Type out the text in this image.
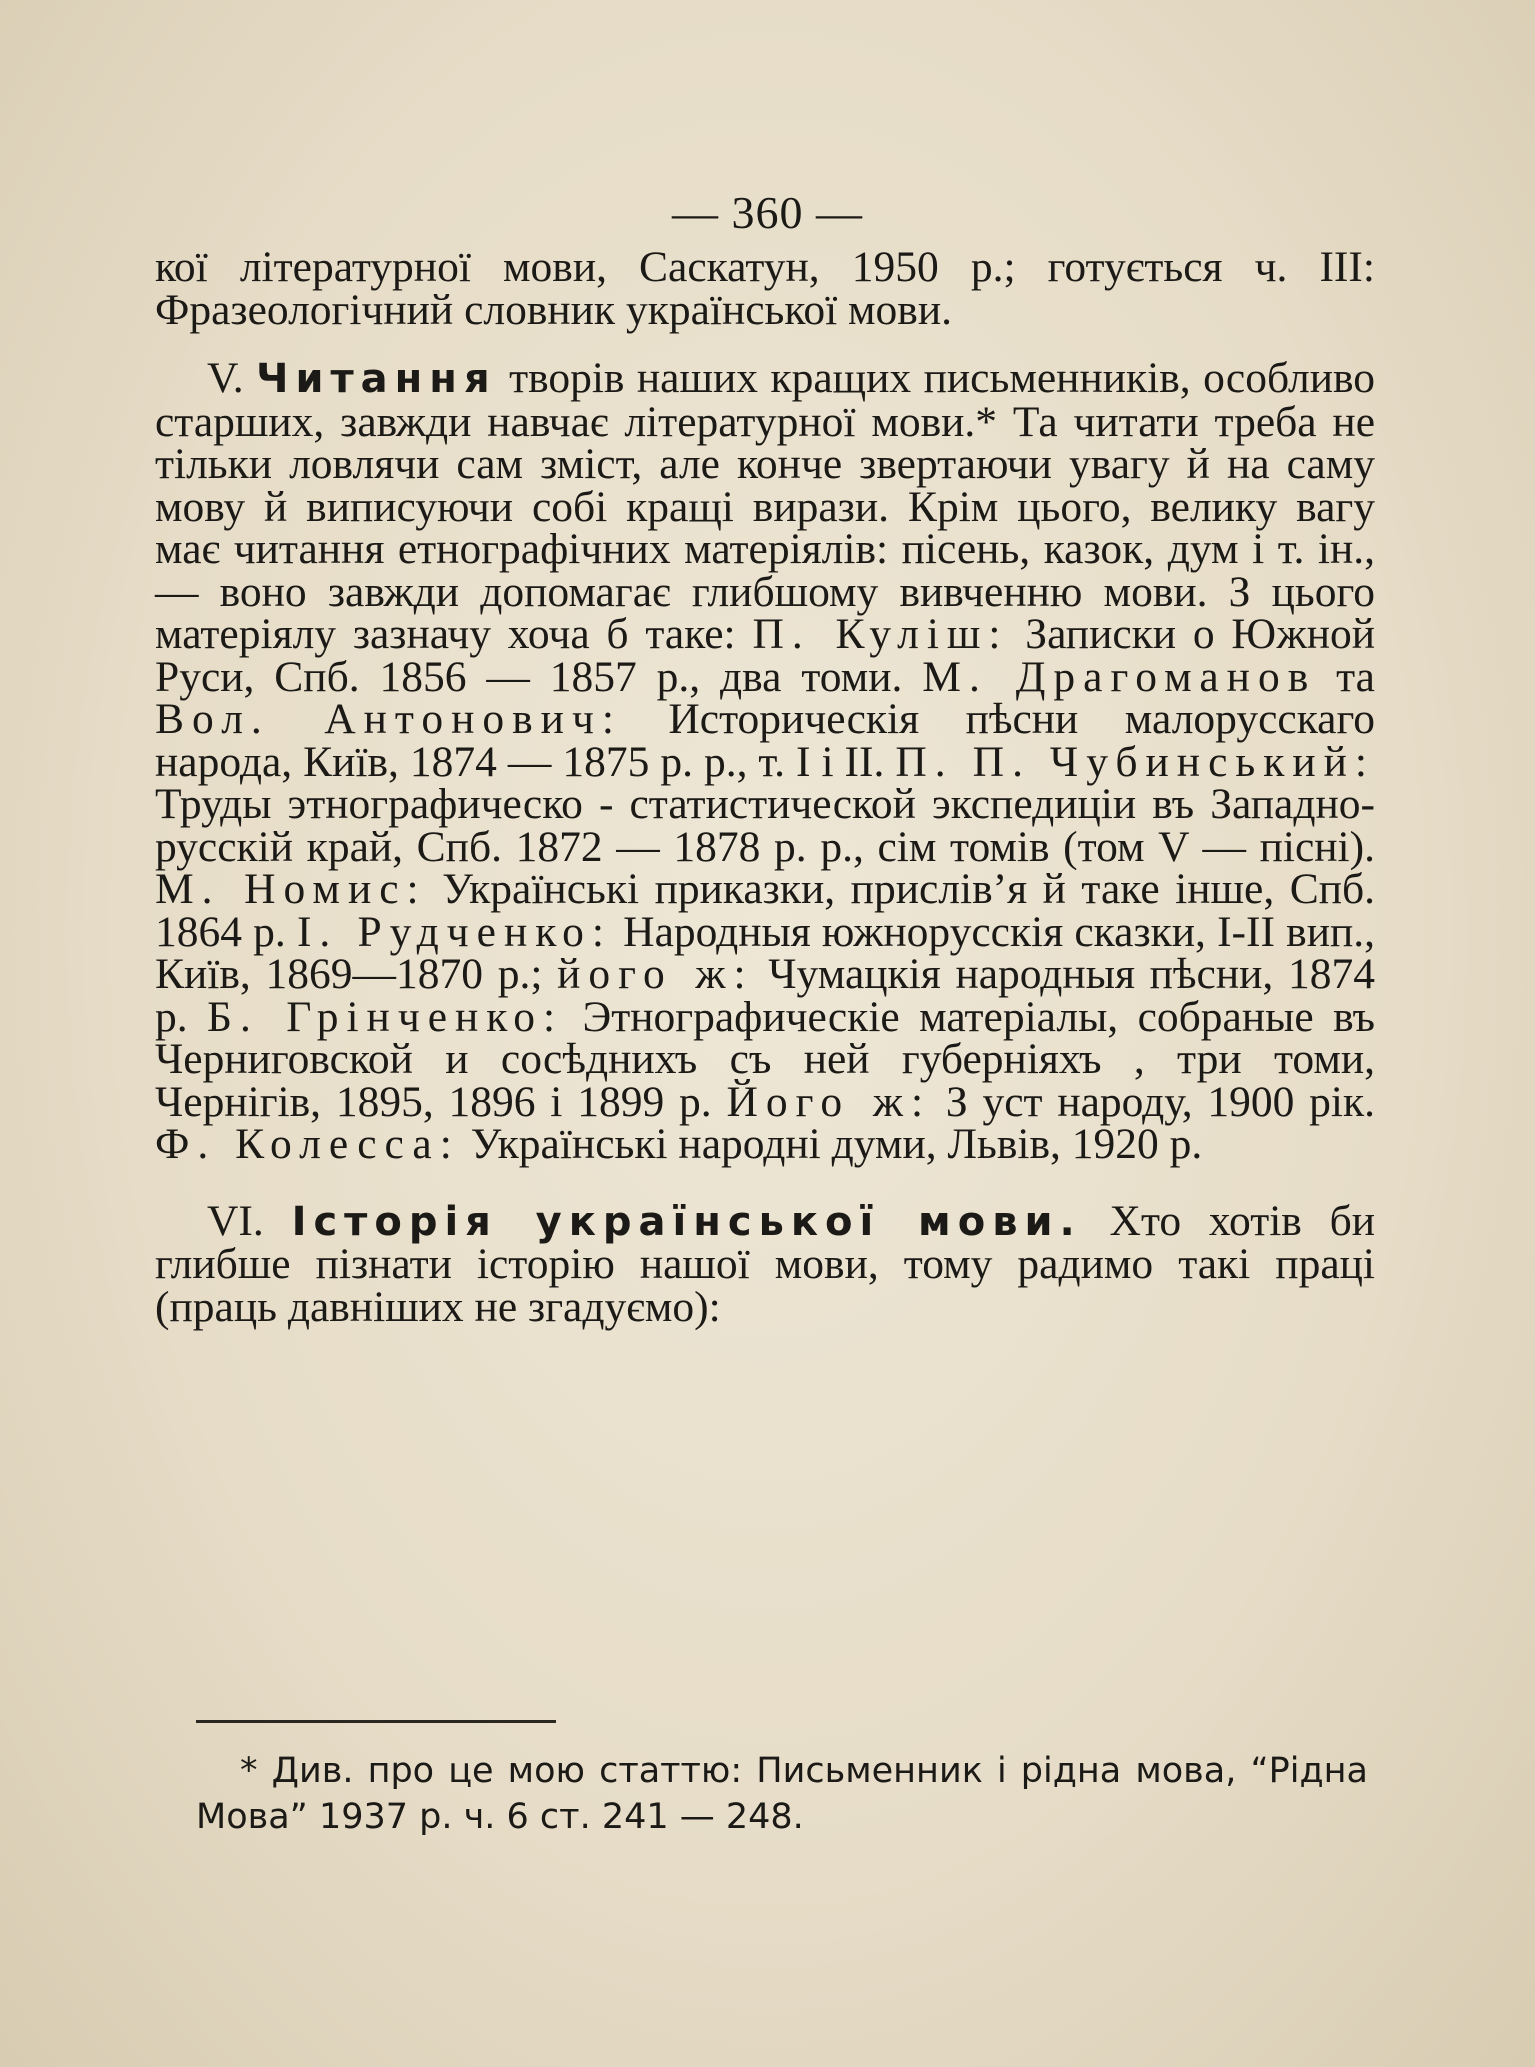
— 360 —

кої літературної мови, Саскатун, 1950 р.; готується ч. III: Фразеологічний словник української мови.

V. Читання творів наших кращих письменників, особливо старших, завжди навчає літературної мови.* Та читати треба не тільки ловлячи сам зміст, але конче звертаючи увагу й на саму мову й виписуючи собі кращі вирази. Крім цього, велику вагу має читання етнографічних матеріялів: пісень, казок, дум і т. ін., — воно завжди допомагає глибшому вивченню мови. З цього матеріялу зазначу хоча б таке: П. Куліш: Записки о Южной Руси, Спб. 1856 — 1857 р., два томи. М. Драгоманов та Вол. Антонович: Историческія пѣсни малорусскаго народа, Київ, 1874 — 1875 р. р., т. I і II. П. П. Чубинський: Труды этнографическо - статистической экспедиціи въ Западно-русскій край, Спб. 1872 — 1878 р. р., сім томів (том V — пісні). М. Номис: Українські приказки, прислів’я й таке інше, Спб. 1864 р. I. Рудченко: Народныя южнорусскія сказки, I-II вип., Київ, 1869—1870 р.; його ж: Чумацкія народныя пѣсни, 1874 р. Б. Грінченко: Этнографическіе матеріалы, собраные въ Черниговской и сосѣднихъ съ ней губерніяхъ , три томи, Чернігів, 1895, 1896 і 1899 р. Його ж: З уст народу, 1900 рік. Ф. Колесса: Українські народні думи, Львів, 1920 р.

VI. Історія української мови. Хто хотів би глибше пізнати історію нашої мови, тому радимо такі праці (праць давніших не згадуємо):

* Див. про це мою статтю: Письменник і рідна мова, “Рідна Мова” 1937 р. ч. 6 ст. 241 — 248.
